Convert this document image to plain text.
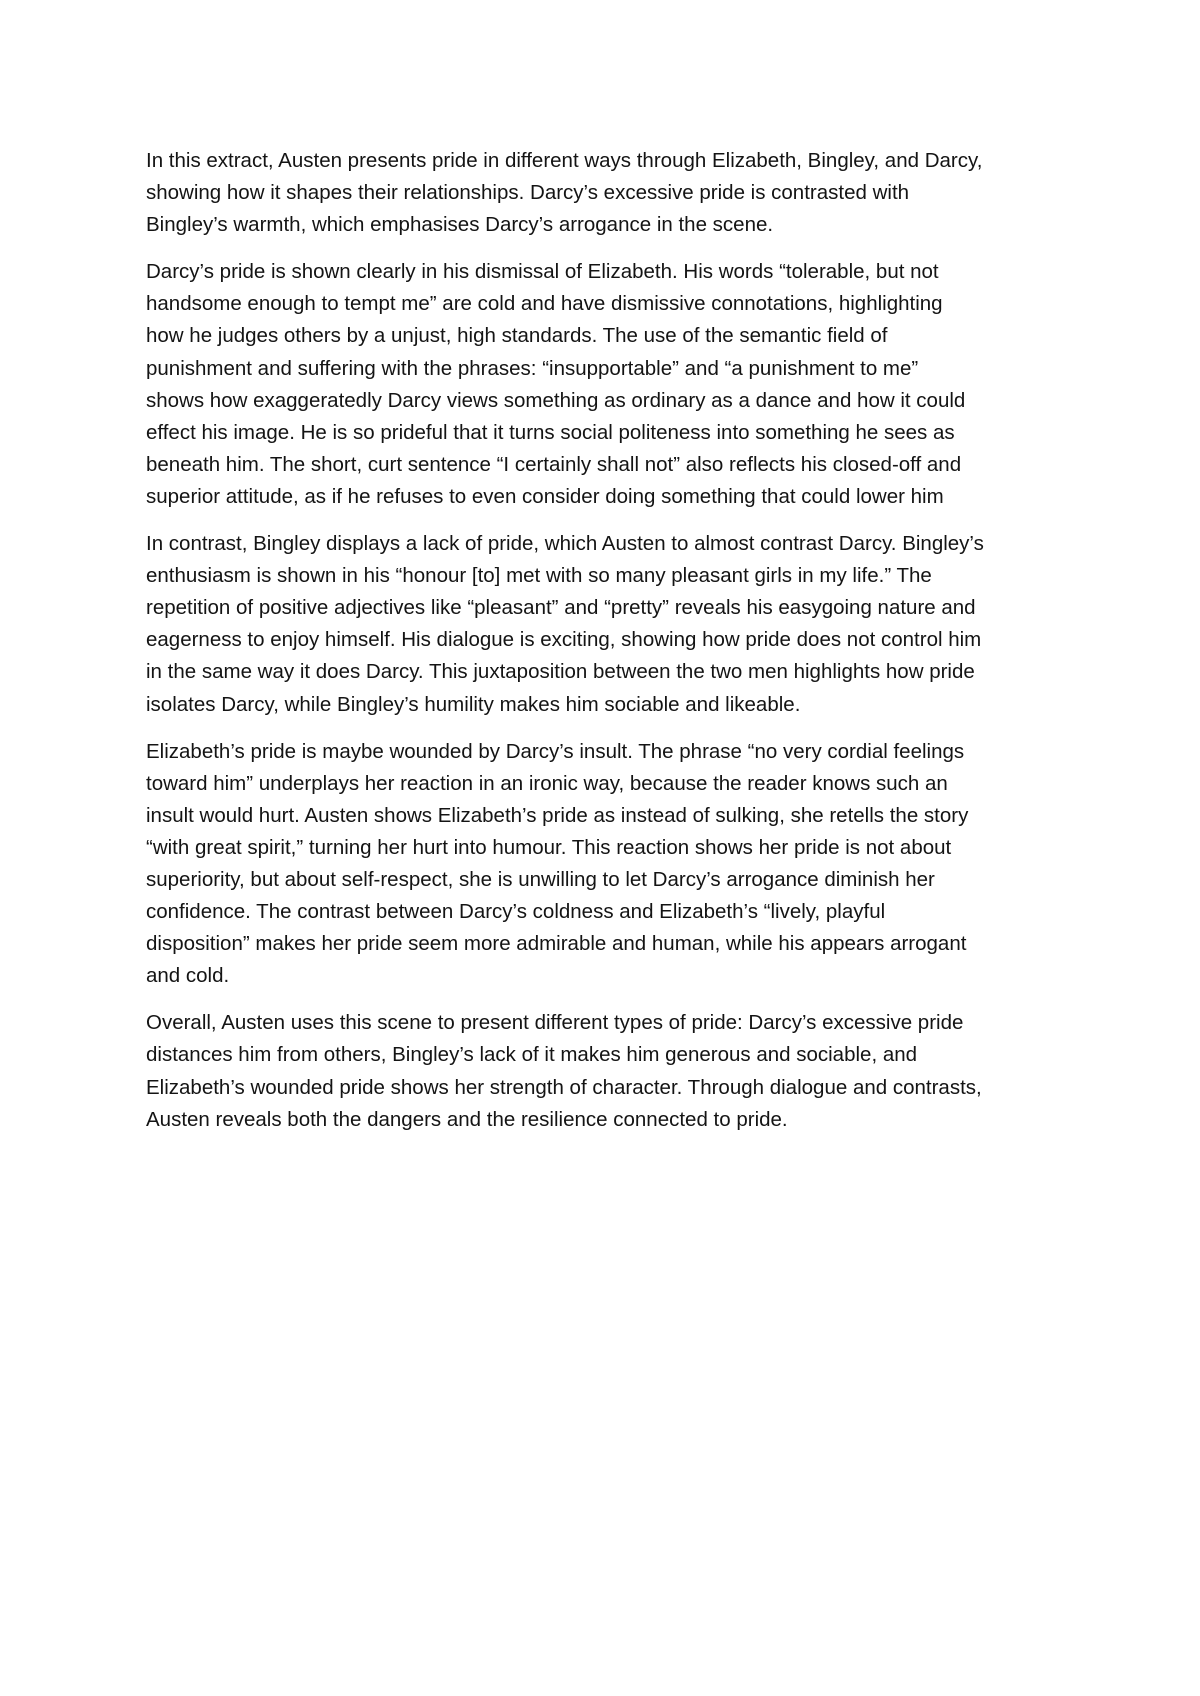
In this extract, Austen presents pride in different ways through Elizabeth, Bingley, and Darcy,
showing how it shapes their relationships. Darcy’s excessive pride is contrasted with
Bingley’s warmth, which emphasises Darcy’s arrogance in the scene.

Darcy’s pride is shown clearly in his dismissal of Elizabeth. His words “tolerable, but not
handsome enough to tempt me” are cold and have dismissive connotations, highlighting
how he judges others by a unjust, high standards. The use of the semantic field of
punishment and suffering with the phrases: “insupportable” and “a punishment to me”
shows how exaggeratedly Darcy views something as ordinary as a dance and how it could
effect his image. He is so prideful that it turns social politeness into something he sees as
beneath him. The short, curt sentence “I certainly shall not” also reflects his closed-off and
superior attitude, as if he refuses to even consider doing something that could lower him

In contrast, Bingley displays a lack of pride, which Austen to almost contrast Darcy. Bingley’s
enthusiasm is shown in his “honour [to] met with so many pleasant girls in my life.” The
repetition of positive adjectives like “pleasant” and “pretty” reveals his easygoing nature and
eagerness to enjoy himself. His dialogue is exciting, showing how pride does not control him
in the same way it does Darcy. This juxtaposition between the two men highlights how pride
isolates Darcy, while Bingley’s humility makes him sociable and likeable.

Elizabeth’s pride is maybe wounded by Darcy’s insult. The phrase “no very cordial feelings
toward him” underplays her reaction in an ironic way, because the reader knows such an
insult would hurt. Austen shows Elizabeth’s pride as instead of sulking, she retells the story
“with great spirit,” turning her hurt into humour. This reaction shows her pride is not about
superiority, but about self-respect, she is unwilling to let Darcy’s arrogance diminish her
confidence. The contrast between Darcy’s coldness and Elizabeth’s “lively, playful
disposition” makes her pride seem more admirable and human, while his appears arrogant
and cold.

Overall, Austen uses this scene to present different types of pride: Darcy’s excessive pride
distances him from others, Bingley’s lack of it makes him generous and sociable, and
Elizabeth’s wounded pride shows her strength of character. Through dialogue and contrasts,
Austen reveals both the dangers and the resilience connected to pride.
